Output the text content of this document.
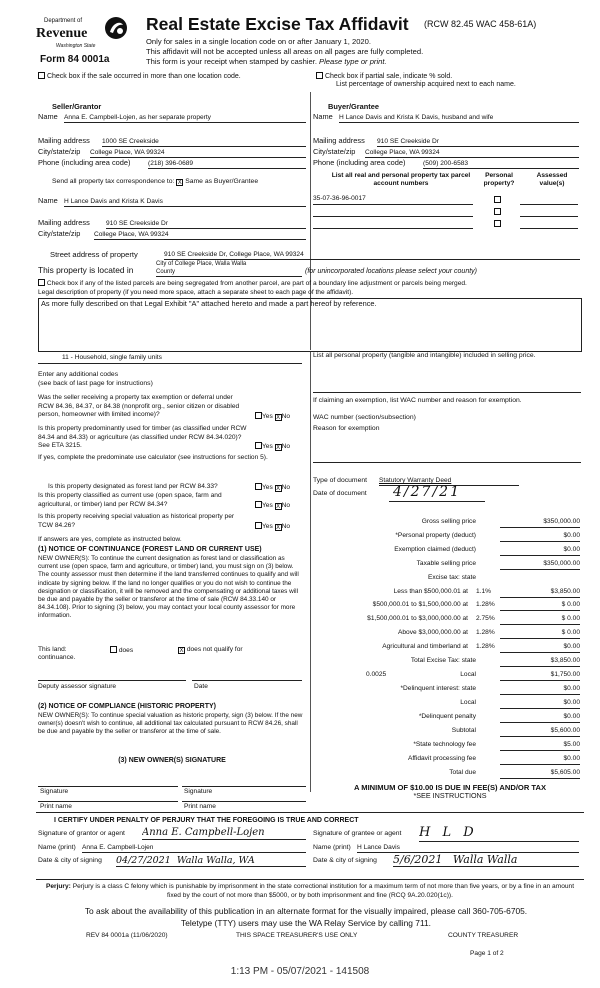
Department of
Revenue
Washington State
Form 84 0001a
Real Estate Excise Tax Affidavit (RCW 82.45 WAC 458-61A)
Only for sales in a single location code on or after January 1, 2020.
This affidavit will not be accepted unless all areas on all pages are fully completed.
This form is your receipt when stamped by cashier. Please type or print.
Check box if the sale occurred in more than one location code.	Check box if partial sale, indicate % sold.
List percentage of ownership acquired next to each name.
Seller/Grantor
Name Anna E. Campbell-Lojen, as her separate property
Mailing address 1000 SE Creekside
City/state/zip College Place, WA 99324
Phone (including area code)	(218) 396-0689
Buyer/Grantee
Name H Lance Davis and Krista K Davis, husband and wife
Mailing address 910 SE Creekside Dr
City/state/zip College Place, WA 99324
Phone (including area code)	(509) 200-6583
Send all property tax correspondence to: X Same as Buyer/Grantee
Name H Lance Davis and Krista K Davis
Mailing address 910 SE Creekside Dr
City/state/zip College Place, WA 99324
List all real and personal property tax parcel account numbers
Personal property?
Assessed value(s)
35-07-36-96-0017
Street address of property	910 SE Creekside Dr, College Place, WA 99324
This property is located in
City of College Place, Walla Walla
County	(for unincorporated locations please select your county)
Check box if any of the listed parcels are being segregated from another parcel, are part of a boundary line adjustment or parcels being merged.
Legal description of property (if you need more space, attach a separate sheet to each page of the affidavit).
As more fully described on that Legal Exhibit "A" attached hereto and made a part hereof by reference.
11 - Household, single family units
Enter any additional codes
(see back of last page for instructions)
Was the seller receiving a property tax exemption or deferral under RCW 84.36, 84.37, or 84.38 (nonprofit org., senior citizen or disabled person, homeowner with limited income)?	Yes X No
Is this property predominantly used for timber (as classified under RCW 84.34 and 84.33) or agriculture (as classified under RCW 84.34.020)? See ETA 3215.	Yes X No
If yes, complete the predominate use calculator (see instructions for section 5).
Is this property designated as forest land per RCW 84.33?	Yes X No
Is this property classified as current use (open space, farm and agricultural, or timber) land per RCW 84.34?	Yes X No
Is this property receiving special valuation as historical property per TCW 84.26?	Yes X No
If answers are yes, complete as instructed below.
(1) NOTICE OF CONTINUANCE (FOREST LAND OR CURRENT USE)
NEW OWNER(S): To continue the current designation as forest land or classification as current use (open space, farm and agriculture, or timber) land, you must sign on (3) below. The county assessor must then determine if the land transferred continues to qualify and will indicate by signing below. If the land no longer qualifies or you do not wish to continue the designation or classification, it will be removed and the compensating or additional taxes will be due and payable by the seller or transferor at the time of sale (RCW 84.33.140 or 84.34.108). Prior to signing (3) below, you may contact your local county assessor for more information.
This land:
continuance.
does	X does not qualify for
Deputy assessor signature	Date
(2) NOTICE OF COMPLIANCE (HISTORIC PROPERTY)
NEW OWNER(S): To continue special valuation as historic property, sign (3) below. If the new owner(s) doesn't wish to continue, all additional tax calculated pursuant to RCW 84.26, shall be due and payable by the seller or transferor at the time of sale.
(3) NEW OWNER(S) SIGNATURE
Signature	Signature
Print name	Print name
List all personal property (tangible and intangible) included in selling price.
If claiming an exemption, list WAC number and reason for exemption.
WAC number (section/subsection)
Reason for exemption
Type of document Statutory Warranty Deed
Date of document 4/27/21
Gross selling price	$350,000.00
*Personal property (deduct)	$0.00
Exemption claimed (deduct)	$0.00
Taxable selling price	$350,000.00
Excise tax: state
Less than $500,000.01 at 1.1%	$3,850.00
$500,000.01 to $1,500,000.00 at 1.28%	$ 0.00
$1,500,000.01 to $3,000,000.00 at 2.75%	$ 0.00
Above $3,000,000.00 at 1.28%	$ 0.00
Agricultural and timberland at 1.28%	$0.00
Total Excise Tax: state	$3,850.00
0.0025	Local	$1,750.00
*Delinquent interest: state	$0.00
Local	$0.00
*Delinquent penalty	$0.00
Subtotal	$5,600.00
*State technology fee	$5.00
Affidavit processing fee	$0.00
Total due	$5,605.00
A MINIMUM OF $10.00 IS DUE IN FEE(S) AND/OR TAX
*SEE INSTRUCTIONS
I CERTIFY UNDER PENALTY OF PERJURY THAT THE FOREGOING IS TRUE AND CORRECT
Signature of grantor or agent Anna E. Campbell-Lojen
Name (print) Anna E. Campbell-Lojen
Date & city of signing 04/27/2021 Walla Walla, WA
Signature of grantee or agent H L D
Name (print) H Lance Davis
Date & city of signing 5/6/2021 Walla Walla
Perjury: Perjury is a class C felony which is punishable by imprisonment in the state correctional institution for a maximum term of not more than five years, or by a fine in an amount fixed by the court of not more than $5000, or by both imprisonment and fine (RCQ 9A.20.020(1c)).
To ask about the availability of this publication in an alternate format for the visually impaired, please call 360-705-6705.
Teletype (TTY) users may use the WA Relay Service by calling 711.
REV 84 0001a (11/06/2020)	THIS SPACE TREASURER'S USE ONLY	COUNTY TREASURER
Page 1 of 2
1:13 PM - 05/07/2021 - 141508
